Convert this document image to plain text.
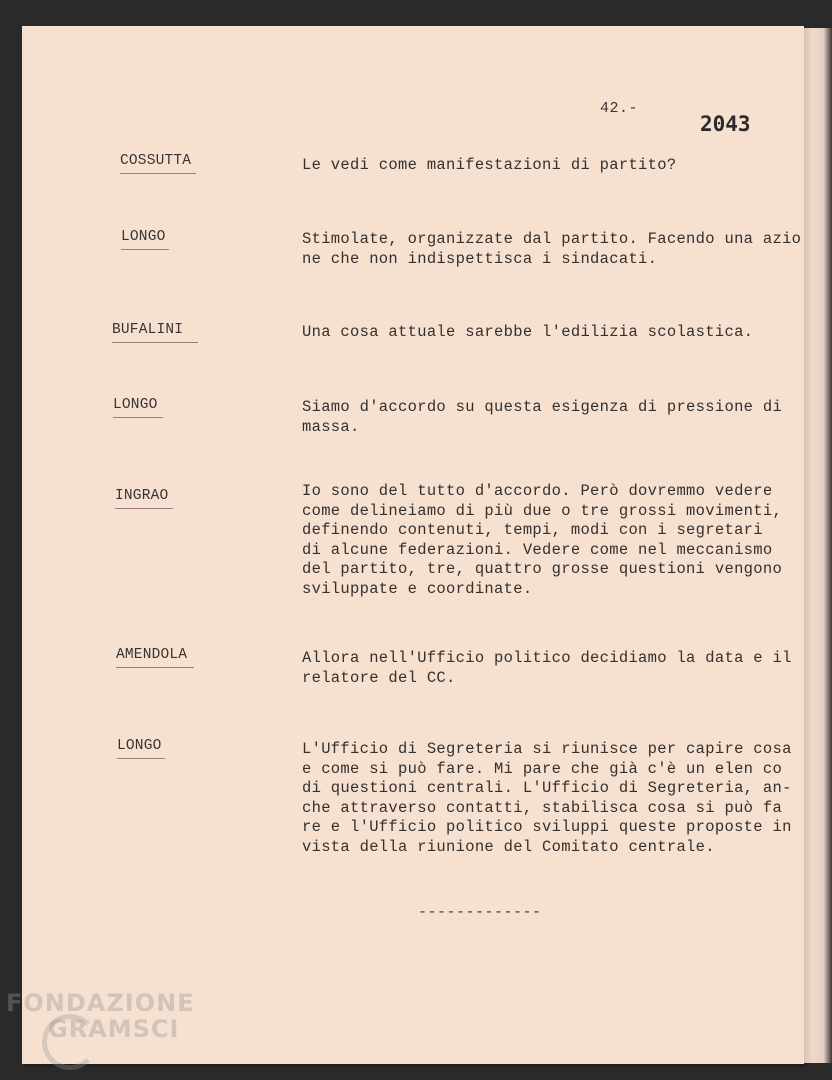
42.-
2043
COSSUTTA	Le vedi come manifestazioni di partito?
LONGO	Stimolate, organizzate dal partito. Facendo una azio
ne che non indispettisca i sindacati.
BUFALINI	Una cosa attuale sarebbe l'edilizia scolastica.
LONGO	Siamo d'accordo su questa esigenza di pressione di
massa.
INGRAO	Io sono del tutto d'accordo. Però dovremmo vedere
come delineiamo di più due o tre grossi movimenti,
definendo contenuti, tempi, modi con i segretari
di alcune federazioni. Vedere come nel meccanismo
del partito, tre, quattro grosse questioni vengono
sviluppate e coordinate.
AMENDOLA	Allora nell'Ufficio politico decidiamo la data e il
relatore del CC.
LONGO	L'Ufficio di Segreteria si riunisce per capire cosa
e come si può fare. Mi pare che già c'è un elen co
di questioni centrali. L'Ufficio di Segreteria, an-
che attraverso contatti, stabilisca cosa si può fa
re e l'Ufficio politico sviluppi queste proposte in
vista della riunione del Comitato centrale.
-------------
FONDAZIONE
GRAMSCI
